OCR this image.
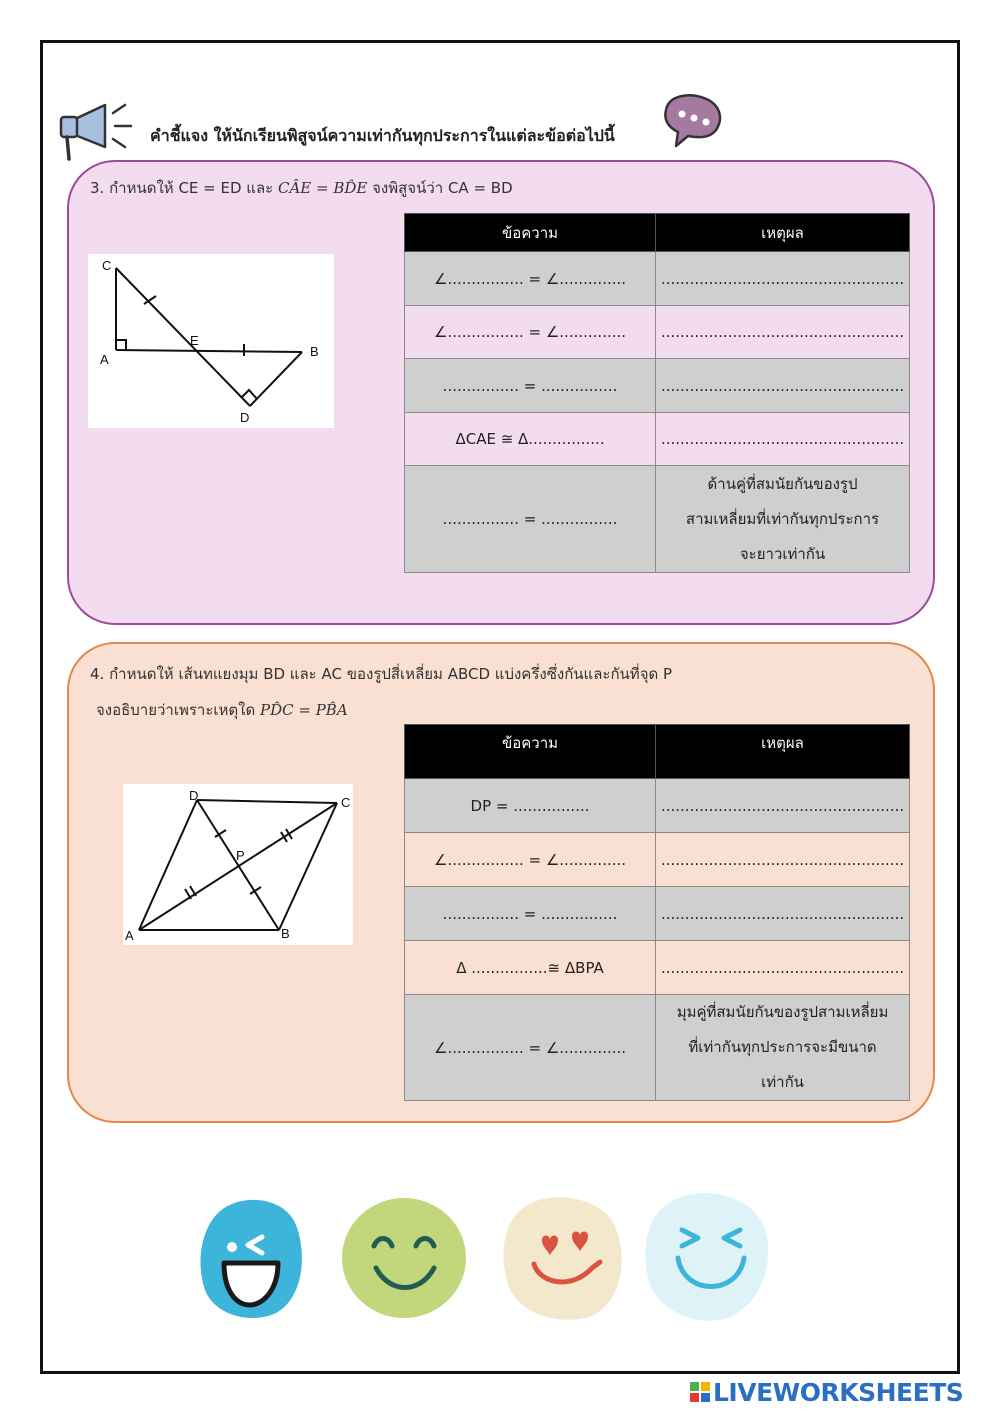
คำชี้แจง ให้นักเรียนพิสูจน์ความเท่ากันทุกประการในแต่ละข้อต่อไปนี้
3. กำหนดให้ CE = ED และ CÂE = BD̂E จงพิสูจน์ว่า CA = BD
C
A
E
B
D
ข้อความ	เหตุผล
∠................ = ∠..............	...................................................
∠................ = ∠..............	...................................................
................ = ................	...................................................
ΔCAE ≅ Δ................	...................................................
................ = ................	ด้านคู่ที่สมนัยกันของรูป
สามเหลี่ยมที่เท่ากันทุกประการ
จะยาวเท่ากัน
4. กำหนดให้ เส้นทแยงมุม BD และ AC ของรูปสี่เหลี่ยม ABCD แบ่งครึ่งซึ่งกันและกันที่จุด P
จงอธิบายว่าเพราะเหตุใด PD̂C = PB̂A
D	C
P
A	B
ข้อความ	เหตุผล
DP = ................	...................................................
∠................ = ∠..............	...................................................
................ = ................	...................................................
Δ ................≅ ΔBPA	...................................................
∠................ = ∠..............	มุมคู่ที่สมนัยกันของรูปสามเหลี่ยม
ที่เท่ากันทุกประการจะมีขนาด
เท่ากัน
LIVEWORKSHEETS
